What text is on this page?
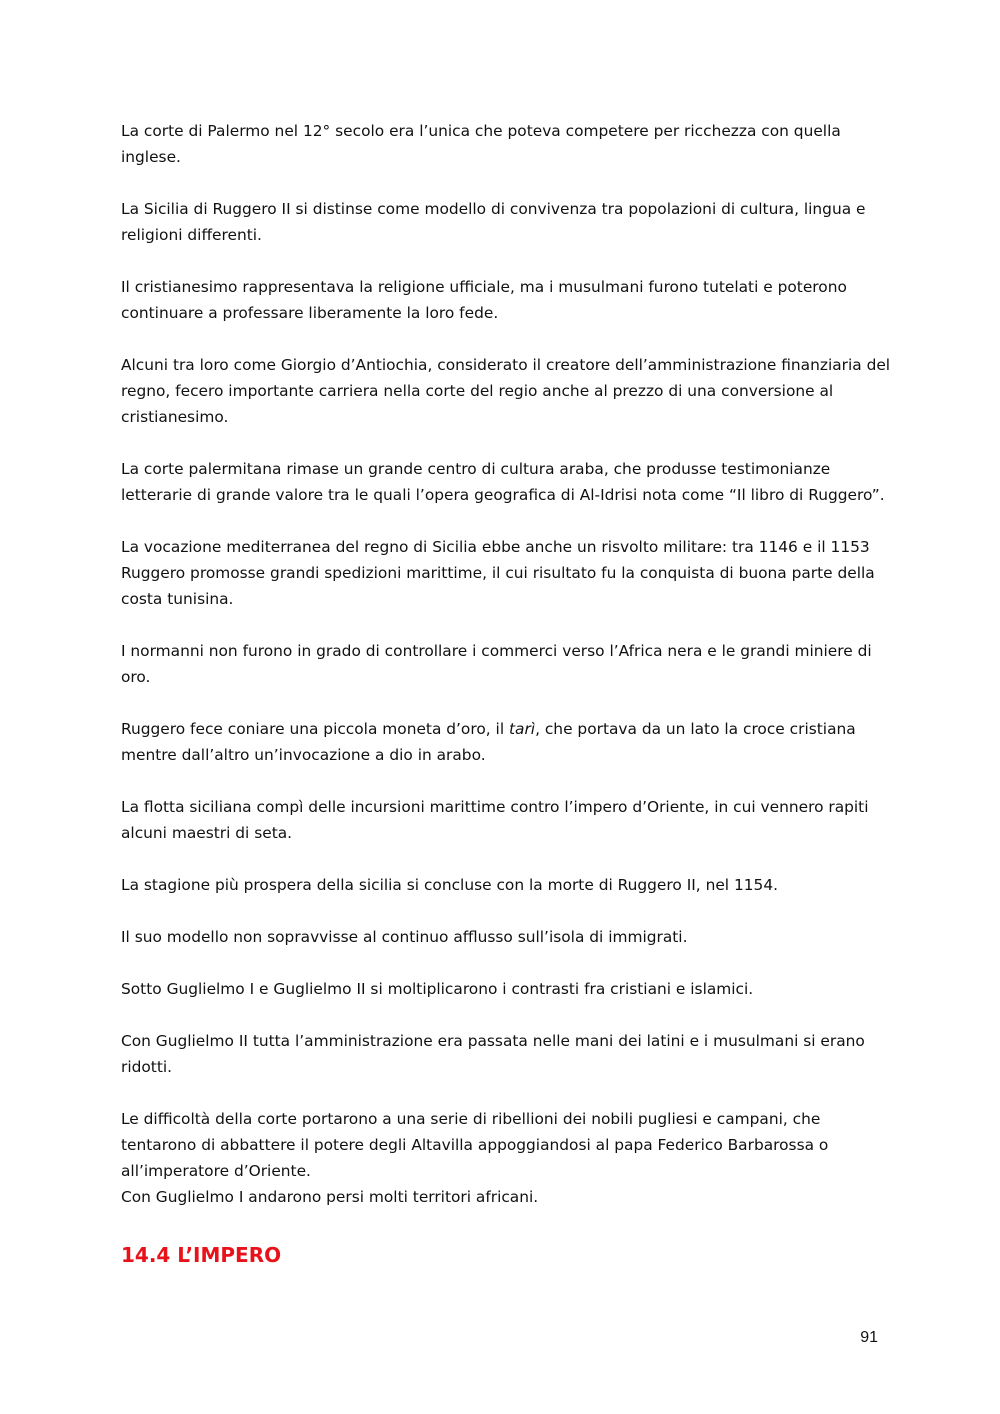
La corte di Palermo nel 12° secolo era l’unica che poteva competere per ricchezza con quella inglese.

La Sicilia di Ruggero II si distinse come modello di convivenza tra popolazioni di cultura, lingua e religioni differenti.

Il cristianesimo rappresentava la religione ufficiale, ma i musulmani furono tutelati e poterono continuare a professare liberamente la loro fede.

Alcuni tra loro come Giorgio d’Antiochia, considerato il creatore dell’amministrazione finanziaria del regno, fecero importante carriera nella corte del regio anche al prezzo di una conversione al cristianesimo.

La corte palermitana rimase un grande centro di cultura araba, che produsse testimonianze letterarie di grande valore tra le quali l’opera geografica di Al-Idrisi nota come “Il libro di Ruggero”.

La vocazione mediterranea del regno di Sicilia ebbe anche un risvolto militare: tra 1146 e il 1153 Ruggero promosse grandi spedizioni marittime, il cui risultato fu la conquista di buona parte della costa tunisina.

I normanni non furono in grado di controllare i commerci verso l’Africa nera e le grandi miniere di oro.

Ruggero fece coniare una piccola moneta d’oro, il tarì, che portava da un lato la croce cristiana mentre dall’altro un’invocazione a dio in arabo.

La flotta siciliana compì delle incursioni marittime contro l’impero d’Oriente, in cui vennero rapiti alcuni maestri di seta.

La stagione più prospera della sicilia si concluse con la morte di Ruggero II, nel 1154.

Il suo modello non sopravvisse al continuo afflusso sull’isola di immigrati.

Sotto Guglielmo I e Guglielmo II si moltiplicarono i contrasti fra cristiani e islamici.

Con Guglielmo II tutta l’amministrazione era passata nelle mani dei latini e i musulmani si erano ridotti.

Le difficoltà della corte portarono a una serie di ribellioni dei nobili pugliesi e campani, che tentarono di abbattere il potere degli Altavilla appoggiandosi al papa Federico Barbarossa o all’imperatore d’Oriente.

Con Guglielmo I andarono persi molti territori africani.

14.4 L’IMPERO
91
